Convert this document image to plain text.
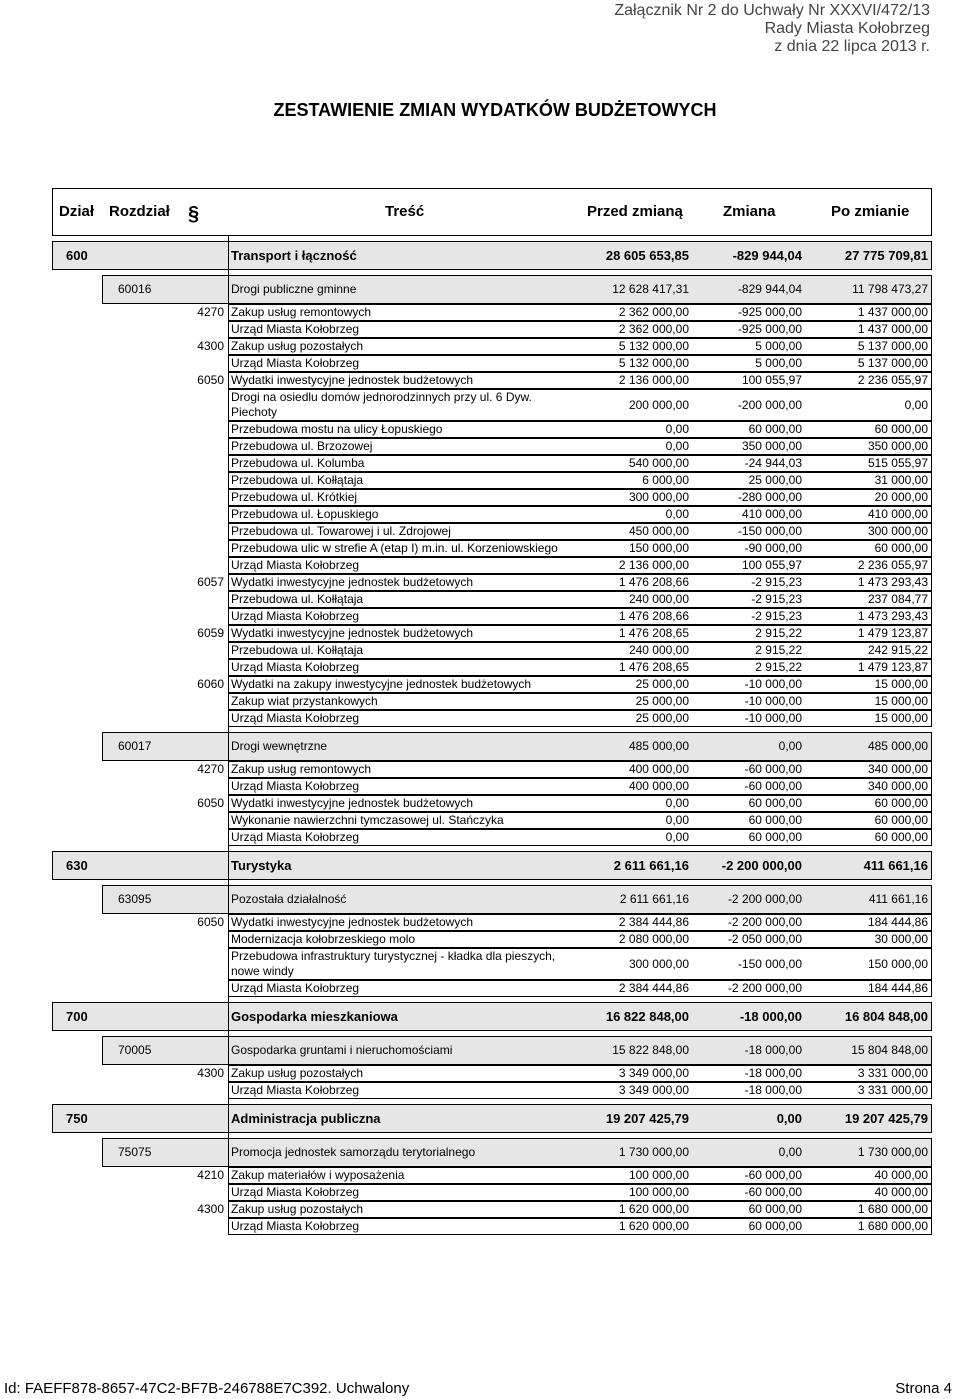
Załącznik Nr 2 do Uchwały Nr XXXVI/472/13
Rady Miasta Kołobrzeg
z dnia 22 lipca 2013 r.
ZESTAWIENIE ZMIAN WYDATKÓW BUDŻETOWYCH
Dział Rozdział §	Treść	Przed zmianą	Zmiana	Po zmianie
600	Transport i łączność	28 605 653,85	-829 944,04	27 775 709,81
60016	Drogi publiczne gminne	12 628 417,31	-829 944,04	11 798 473,27
4270 Zakup usług remontowych	2 362 000,00	-925 000,00	1 437 000,00
Urząd Miasta Kołobrzeg	2 362 000,00	-925 000,00	1 437 000,00
4300 Zakup usług pozostałych	5 132 000,00	5 000,00	5 137 000,00
Urząd Miasta Kołobrzeg	5 132 000,00	5 000,00	5 137 000,00
6050 Wydatki inwestycyjne jednostek budżetowych	2 136 000,00	100 055,97	2 236 055,97
Drogi na osiedlu domów jednorodzinnych przy ul. 6 Dyw. Piechoty	200 000,00	-200 000,00	0,00
Przebudowa mostu na ulicy Łopuskiego	0,00	60 000,00	60 000,00
Przebudowa ul. Brzozowej	0,00	350 000,00	350 000,00
Przebudowa ul. Kolumba	540 000,00	-24 944,03	515 055,97
Przebudowa ul. Kołłątaja	6 000,00	25 000,00	31 000,00
Przebudowa ul. Krótkiej	300 000,00	-280 000,00	20 000,00
Przebudowa ul. Łopuskiego	0,00	410 000,00	410 000,00
Przebudowa ul. Towarowej i ul. Zdrojowej	450 000,00	-150 000,00	300 000,00
Przebudowa ulic w strefie A (etap I) m.in. ul. Korzeniowskiego	150 000,00	-90 000,00	60 000,00
Urząd Miasta Kołobrzeg	2 136 000,00	100 055,97	2 236 055,97
6057 Wydatki inwestycyjne jednostek budżetowych	1 476 208,66	-2 915,23	1 473 293,43
Przebudowa ul. Kołłątaja	240 000,00	-2 915,23	237 084,77
Urząd Miasta Kołobrzeg	1 476 208,66	-2 915,23	1 473 293,43
6059 Wydatki inwestycyjne jednostek budżetowych	1 476 208,65	2 915,22	1 479 123,87
Przebudowa ul. Kołłątaja	240 000,00	2 915,22	242 915,22
Urząd Miasta Kołobrzeg	1 476 208,65	2 915,22	1 479 123,87
6060 Wydatki na zakupy inwestycyjne jednostek budżetowych	25 000,00	-10 000,00	15 000,00
Zakup wiat przystankowych	25 000,00	-10 000,00	15 000,00
Urząd Miasta Kołobrzeg	25 000,00	-10 000,00	15 000,00
60017	Drogi wewnętrzne	485 000,00	0,00	485 000,00
4270 Zakup usług remontowych	400 000,00	-60 000,00	340 000,00
Urząd Miasta Kołobrzeg	400 000,00	-60 000,00	340 000,00
6050 Wydatki inwestycyjne jednostek budżetowych	0,00	60 000,00	60 000,00
Wykonanie nawierzchni tymczasowej ul. Stańczyka	0,00	60 000,00	60 000,00
Urząd Miasta Kołobrzeg	0,00	60 000,00	60 000,00
630	Turystyka	2 611 661,16	-2 200 000,00	411 661,16
63095	Pozostała działalność	2 611 661,16	-2 200 000,00	411 661,16
6050 Wydatki inwestycyjne jednostek budżetowych	2 384 444,86	-2 200 000,00	184 444,86
Modernizacja kołobrzeskiego molo	2 080 000,00	-2 050 000,00	30 000,00
Przebudowa infrastruktury turystycznej - kładka dla pieszych, nowe windy	300 000,00	-150 000,00	150 000,00
Urząd Miasta Kołobrzeg	2 384 444,86	-2 200 000,00	184 444,86
700	Gospodarka mieszkaniowa	16 822 848,00	-18 000,00	16 804 848,00
70005	Gospodarka gruntami i nieruchomościami	15 822 848,00	-18 000,00	15 804 848,00
4300 Zakup usług pozostałych	3 349 000,00	-18 000,00	3 331 000,00
Urząd Miasta Kołobrzeg	3 349 000,00	-18 000,00	3 331 000,00
750	Administracja publiczna	19 207 425,79	0,00	19 207 425,79
75075	Promocja jednostek samorządu terytorialnego	1 730 000,00	0,00	1 730 000,00
4210 Zakup materiałów i wyposażenia	100 000,00	-60 000,00	40 000,00
Urząd Miasta Kołobrzeg	100 000,00	-60 000,00	40 000,00
4300 Zakup usług pozostałych	1 620 000,00	60 000,00	1 680 000,00
Urząd Miasta Kołobrzeg	1 620 000,00	60 000,00	1 680 000,00
Id: FAEFF878-8657-47C2-BF7B-246788E7C392. Uchwalony	Strona 4
